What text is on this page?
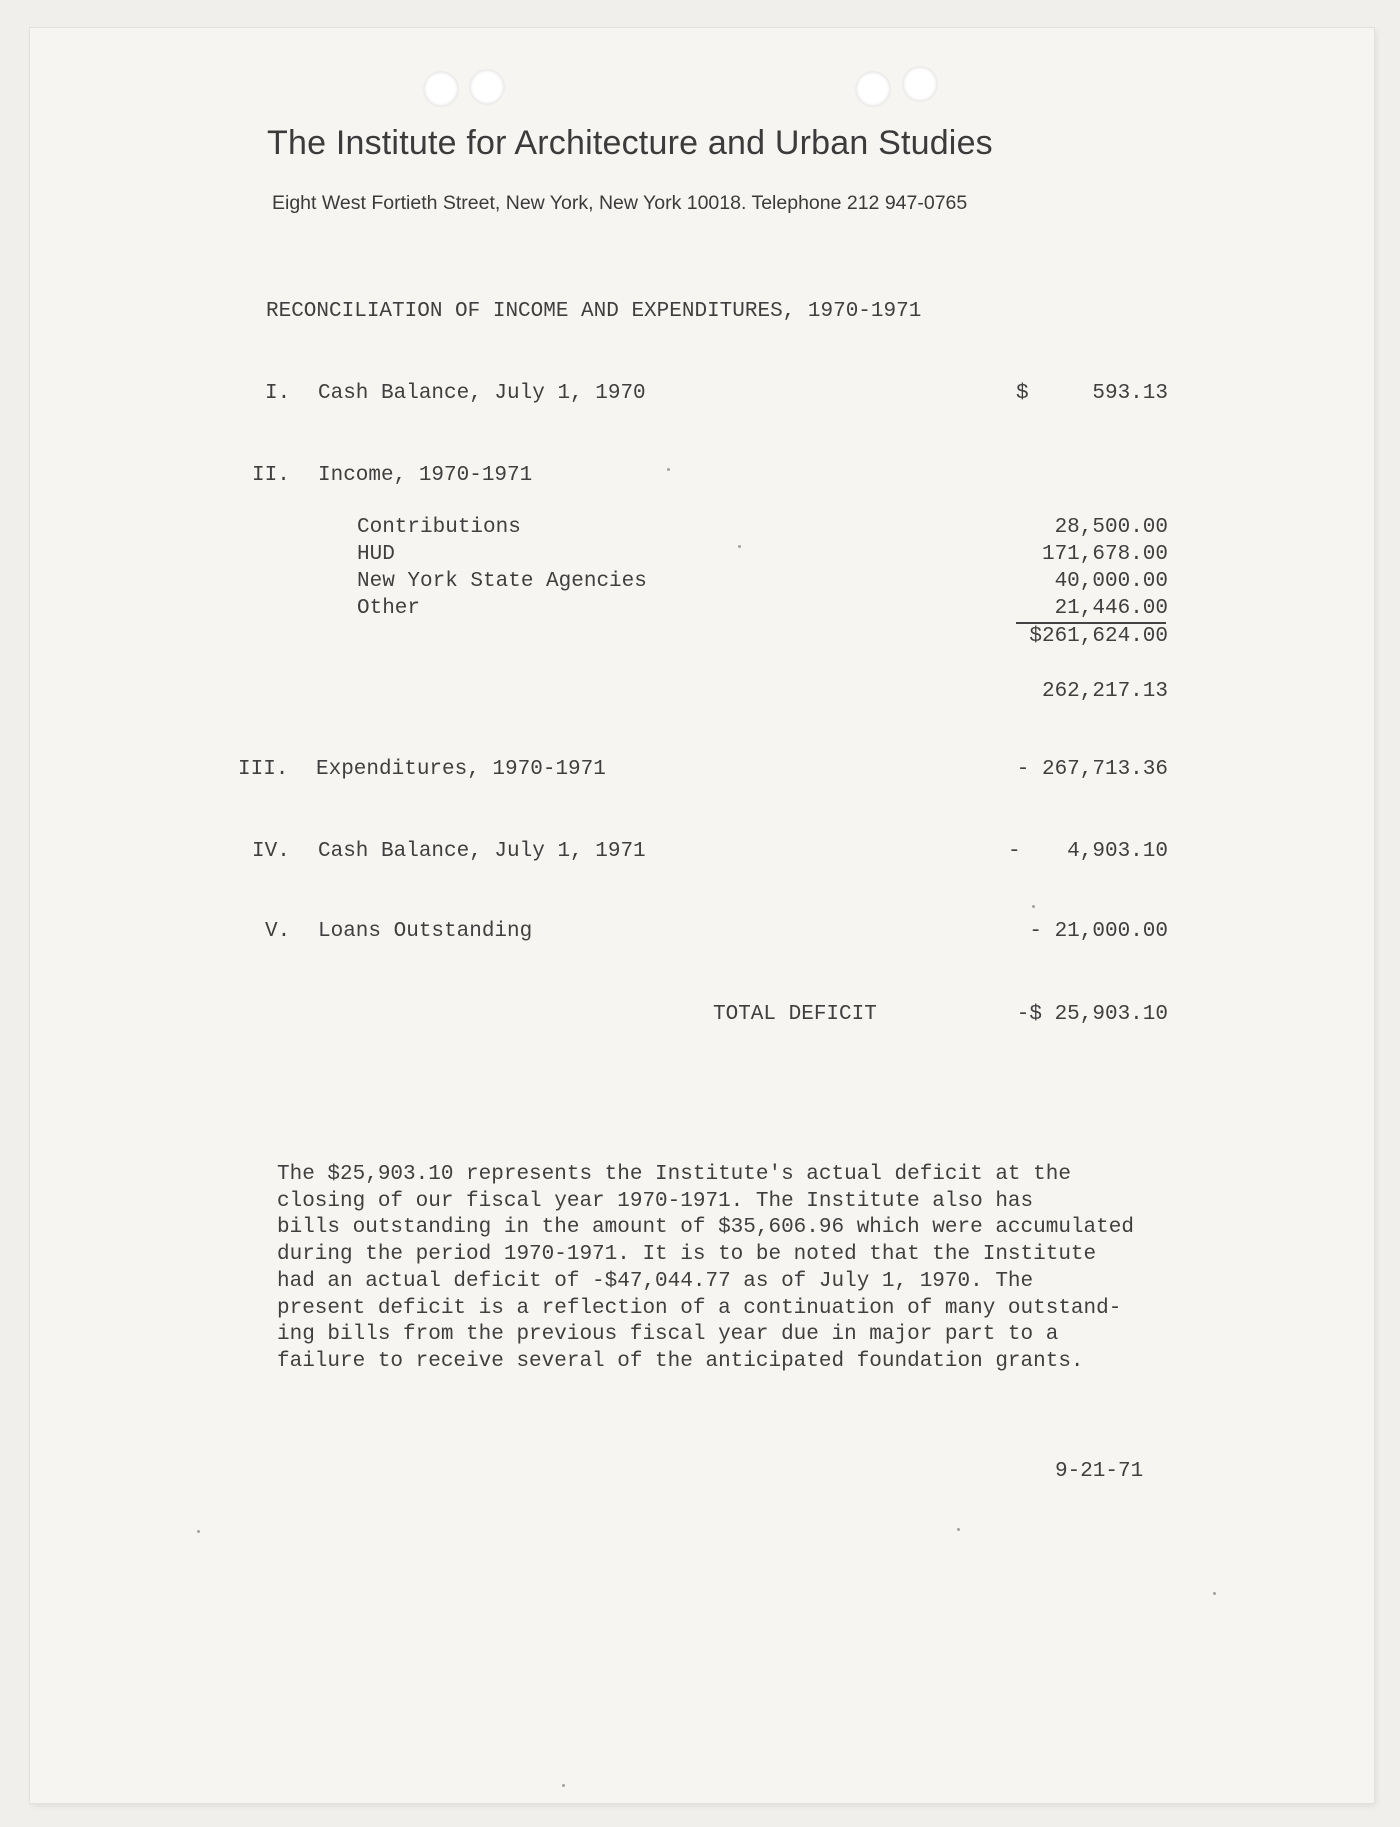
The Institute for Architecture and Urban Studies
Eight West Fortieth Street, New York, New York 10018. Telephone 212 947-0765
RECONCILIATION OF INCOME AND EXPENDITURES, 1970-1971
I. Cash Balance, July 1, 1970	$	593.13
II. Income, 1970-1971
Contributions	28,500.00
HUD	171,678.00
New York State Agencies	40,000.00
Other	21,446.00
$261,624.00
262,217.13
III. Expenditures, 1970-1971	- 267,713.36
IV. Cash Balance, July 1, 1971	- 4,903.10
V. Loans Outstanding	- 21,000.00
TOTAL DEFICIT	-$ 25,903.10
The $25,903.10 represents the Institute's actual deficit at the
closing of our fiscal year 1970-1971. The Institute also has
bills outstanding in the amount of $35,606.96 which were accumulated
during the period 1970-1971. It is to be noted that the Institute
had an actual deficit of -$47,044.77 as of July 1, 1970. The
present deficit is a reflection of a continuation of many outstand-
ing bills from the previous fiscal year due in major part to a
failure to receive several of the anticipated foundation grants.
9-21-71
